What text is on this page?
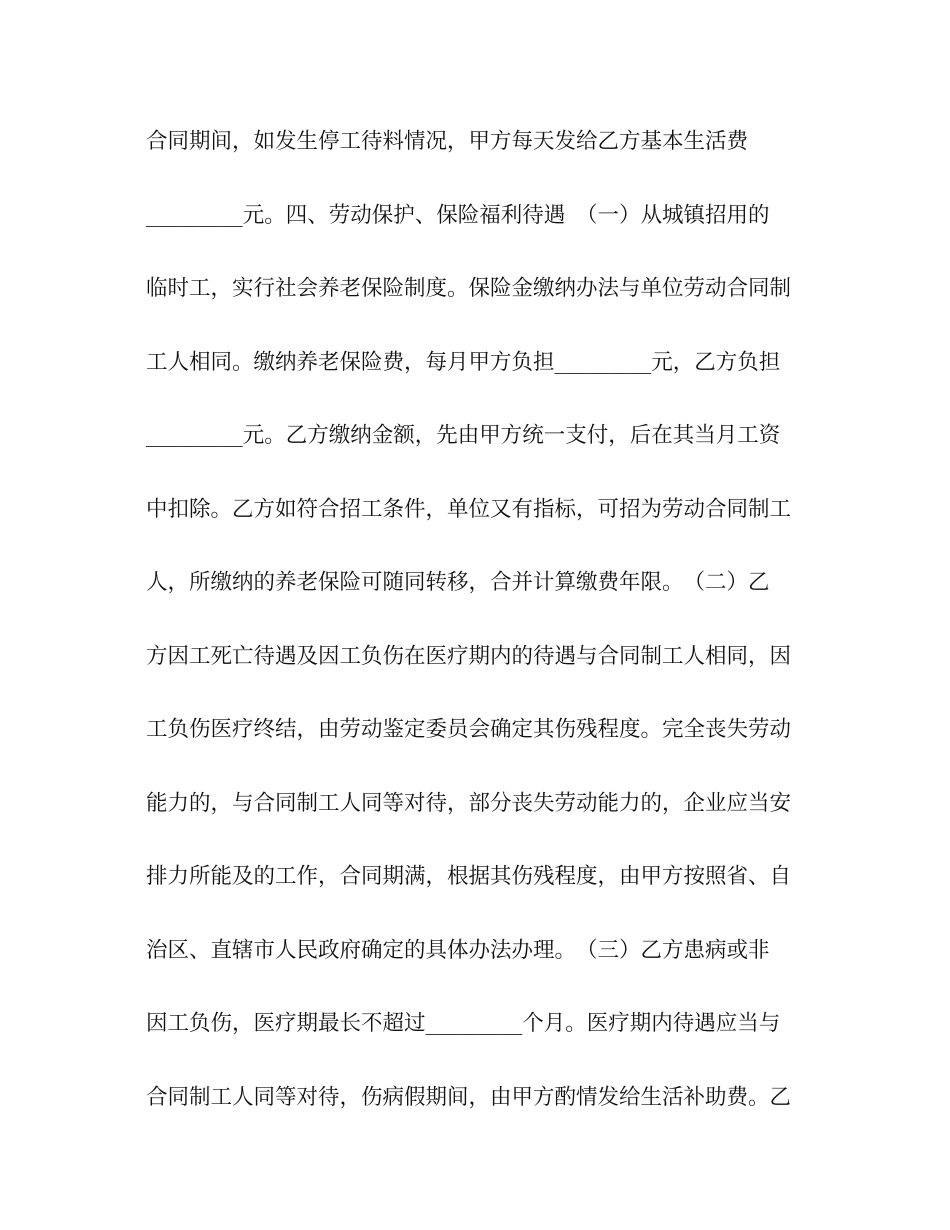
合同期间，如发生停工待料情况，甲方每天发给乙方基本生活费
_________元。四、劳动保护、保险福利待遇　（一）从城镇招用的
临时工，实行社会养老保险制度。保险金缴纳办法与单位劳动合同制
工人相同。缴纳养老保险费，每月甲方负担_________元，乙方负担
_________元。乙方缴纳金额，先由甲方统一支付，后在其当月工资
中扣除。乙方如符合招工条件，单位又有指标，可招为劳动合同制工
人，所缴纳的养老保险可随同转移，合并计算缴费年限。　（二）乙
方因工死亡待遇及因工负伤在医疗期内的待遇与合同制工人相同，因
工负伤医疗终结，由劳动鉴定委员会确定其伤残程度。完全丧失劳动
能力的，与合同制工人同等对待，部分丧失劳动能力的，企业应当安
排力所能及的工作，合同期满，根据其伤残程度，由甲方按照省、自
治区、直辖市人民政府确定的具体办法办理。　（三）乙方患病或非
因工负伤，医疗期最长不超过_________个月。医疗期内待遇应当与
合同制工人同等对待，伤病假期间，由甲方酌情发给生活补助费。乙
